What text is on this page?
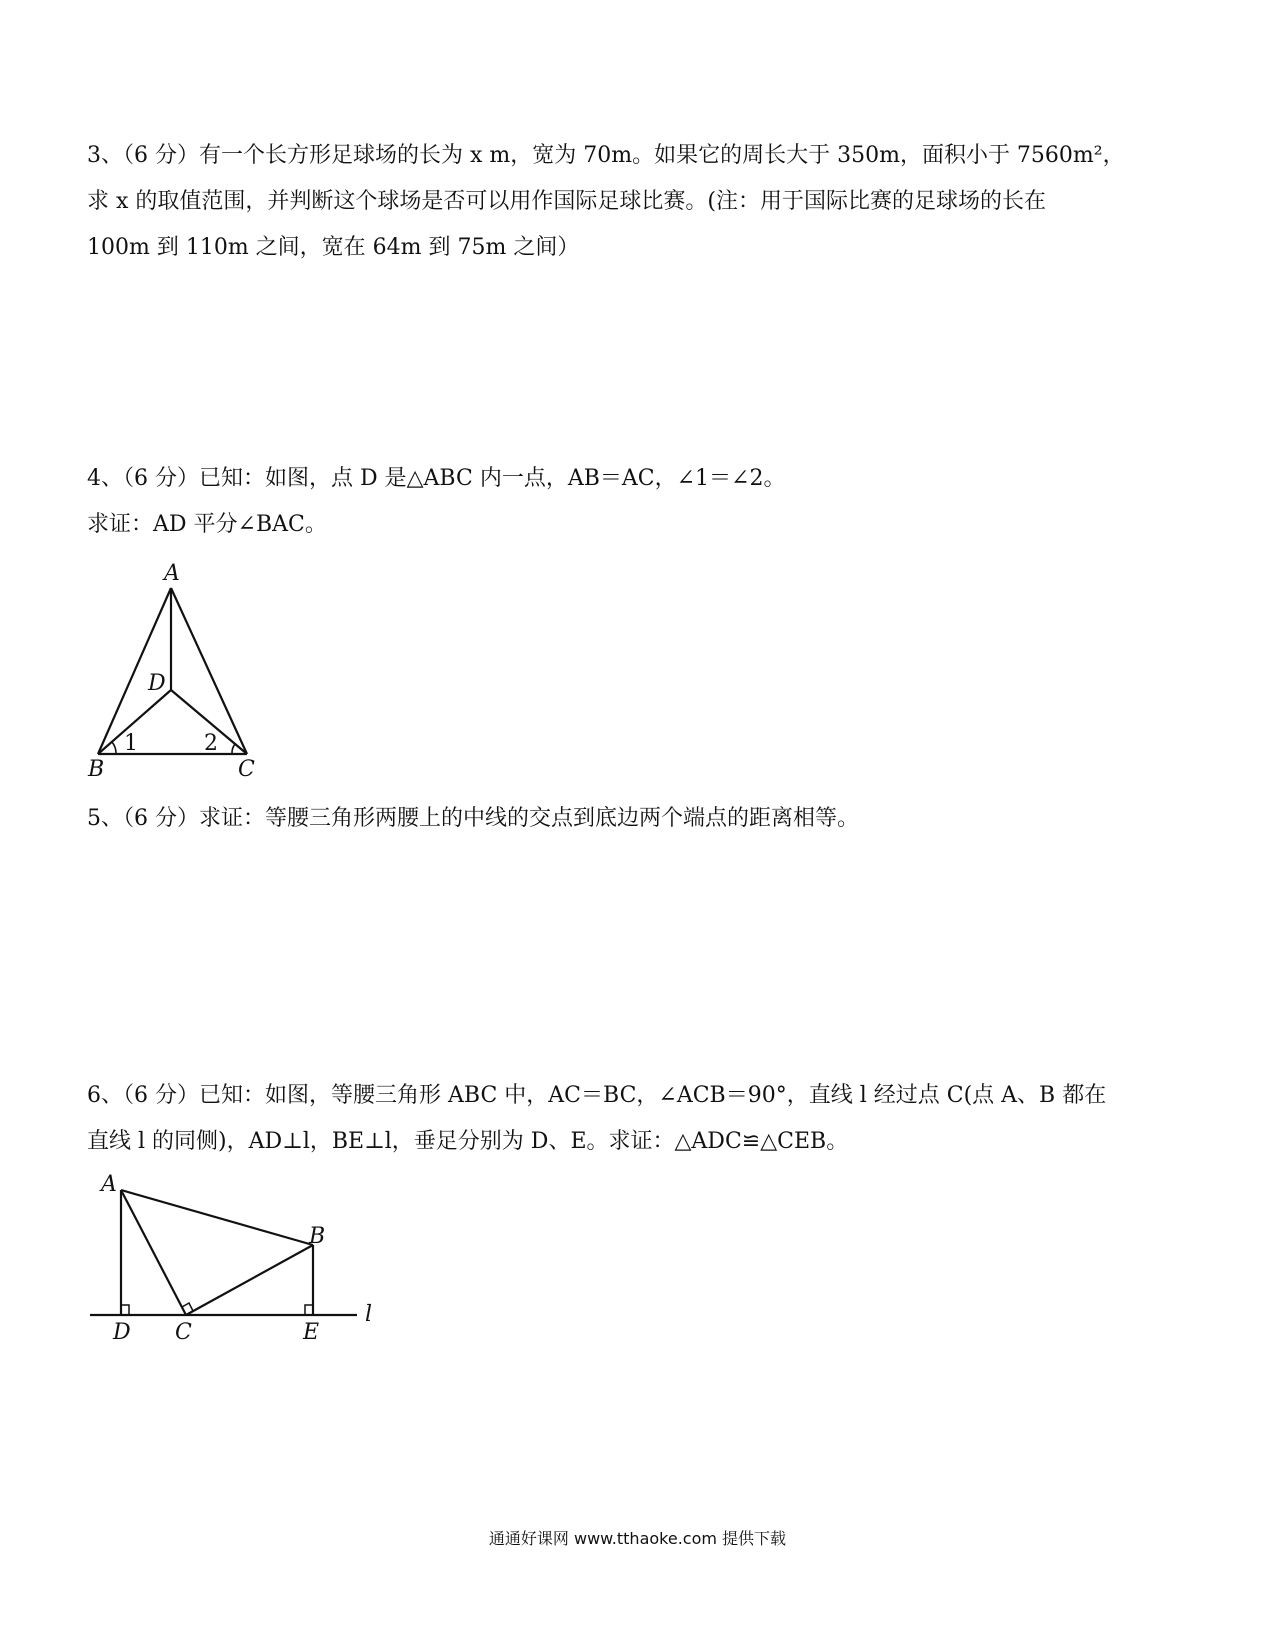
3、（6 分）有一个长方形足球场的长为 x m，宽为 70m。如果它的周长大于 350m，面积小于 7560m²，
求 x 的取值范围，并判断这个球场是否可以用作国际足球比赛。(注：用于国际比赛的足球场的长在
100m 到 110m 之间，宽在 64m 到 75m 之间）
4、（6 分）已知：如图，点 D 是△ABC 内一点，AB＝AC，∠1＝∠2。
求证：AD 平分∠BAC。
A
D
B	C
1	2
5、（6 分）求证：等腰三角形两腰上的中线的交点到底边两个端点的距离相等。
6、（6 分）已知：如图，等腰三角形 ABC 中，AC＝BC，∠ACB＝90°，直线 l 经过点 C(点 A、B 都在
直线 l 的同侧)，AD⊥l，BE⊥l，垂足分别为 D、E。求证：△ADC≌△CEB。
A
B
D C	E
l
通通好课网 www.tthaoke.com 提供下载
